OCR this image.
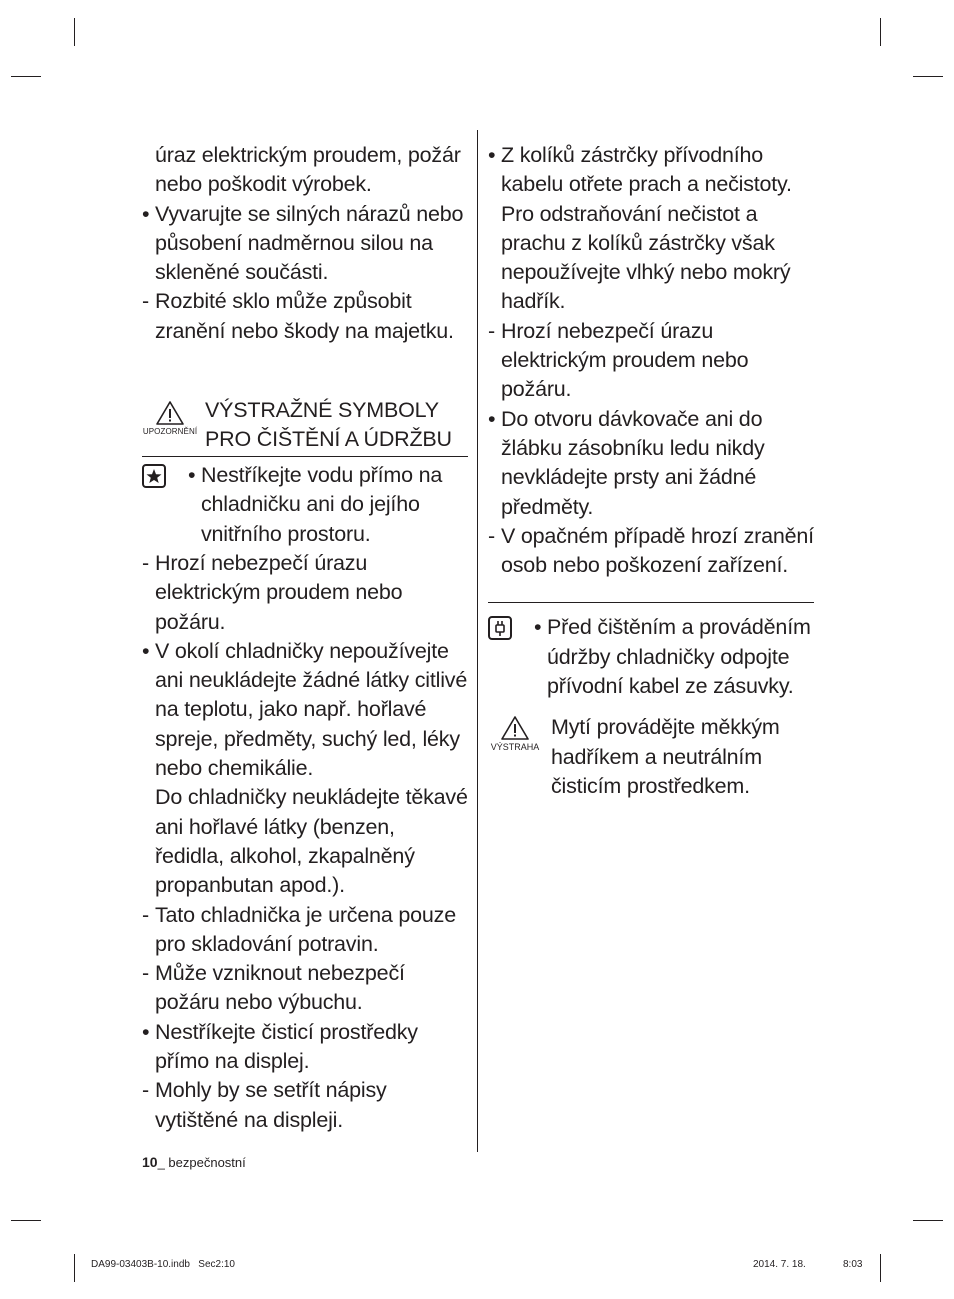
úraz elektrickým proudem, požár nebo poškodit výrobek.
• Vyvarujte se silných nárazů nebo působení nadměrnou silou na skleněné součásti.
- Rozbité sklo může způsobit zranění nebo škody na majetku.
UPOZORNĚNÍ
VÝSTRAŽNÉ SYMBOLY
PRO ČIŠTĚNÍ A ÚDRŽBU
• Nestříkejte vodu přímo na chladničku ani do jejího vnitřního prostoru.
- Hrozí nebezpečí úrazu elektrickým proudem nebo požáru.
• V okolí chladničky nepoužívejte ani neukládejte žádné látky citlivé na teplotu, jako např. hořlavé spreje, předměty, suchý led, léky nebo chemikálie.
Do chladničky neukládejte těkavé ani hořlavé látky (benzen, ředidla, alkohol, zkapalněný propanbutan apod.).
- Tato chladnička je určena pouze pro skladování potravin.
- Může vzniknout nebezpečí požáru nebo výbuchu.
• Nestříkejte čisticí prostředky přímo na displej.
- Mohly by se setřít nápisy vytištěné na displeji.
• Z kolíků zástrčky přívodního kabelu otřete prach a nečistoty. Pro odstraňování nečistot a prachu z kolíků zástrčky však nepoužívejte vlhký nebo mokrý hadřík.
- Hrozí nebezpečí úrazu elektrickým proudem nebo požáru.
• Do otvoru dávkovače ani do žlábku zásobníku ledu nikdy nevkládejte prsty ani žádné předměty.
- V opačném případě hrozí zranění osob nebo poškození zařízení.
• Před čištěním a prováděním údržby chladničky odpojte přívodní kabel ze zásuvky.
VÝSTRAHA
Mytí provádějte měkkým hadříkem a neutrálním čisticím prostředkem.
10_ bezpečnostní
DA99-03403B-10.indb   Sec2:10	2014. 7. 18.	8:03
